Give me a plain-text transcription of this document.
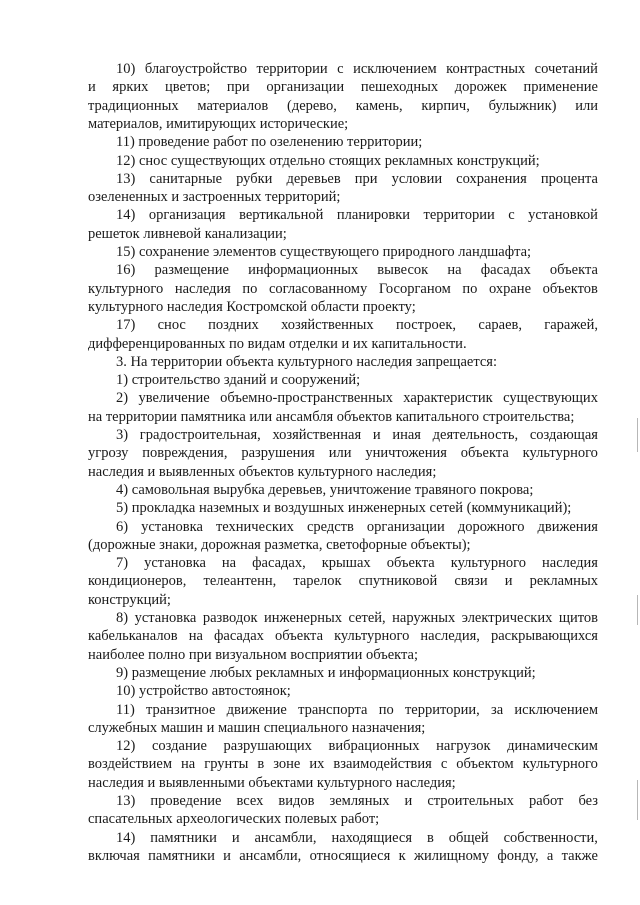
10) благоустройство территории с исключением контрастных сочетаний
и ярких цветов; при организации пешеходных дорожек применение
традиционных материалов (дерево, камень, кирпич, булыжник) или
материалов, имитирующих исторические;
11) проведение работ по озеленению территории;
12) снос существующих отдельно стоящих рекламных конструкций;
13) санитарные рубки деревьев при условии сохранения процента
озелененных и застроенных территорий;
14) организация вертикальной планировки территории с установкой
решеток ливневой канализации;
15) сохранение элементов существующего природного ландшафта;
16) размещение информационных вывесок на фасадах объекта
культурного наследия по согласованному Госорганом по охране объектов
культурного наследия Костромской области проекту;
17) снос поздних хозяйственных построек, сараев, гаражей,
дифференцированных по видам отделки и их капитальности.
3. На территории объекта культурного наследия запрещается:
1) строительство зданий и сооружений;
2) увеличение объемно-пространственных характеристик существующих
на территории памятника или ансамбля объектов капитального строительства;
3) градостроительная, хозяйственная и иная деятельность, создающая
угрозу повреждения, разрушения или уничтожения объекта культурного
наследия и выявленных объектов культурного наследия;
4) самовольная вырубка деревьев, уничтожение травяного покрова;
5) прокладка наземных и воздушных инженерных сетей (коммуникаций);
6) установка технических средств организации дорожного движения
(дорожные знаки, дорожная разметка, светофорные объекты);
7) установка на фасадах, крышах объекта культурного наследия
кондиционеров, телеантенн, тарелок спутниковой связи и рекламных
конструкций;
8) установка разводок инженерных сетей, наружных электрических щитов
кабельканалов на фасадах объекта культурного наследия, раскрывающихся
наиболее полно при визуальном восприятии объекта;
9) размещение любых рекламных и информационных конструкций;
10) устройство автостоянок;
11) транзитное движение транспорта по территории, за исключением
служебных машин и машин специального назначения;
12) создание разрушающих вибрационных нагрузок динамическим
воздействием на грунты в зоне их взаимодействия с объектом культурного
наследия и выявленными объектами культурного наследия;
13) проведение всех видов земляных и строительных работ без
спасательных археологических полевых работ;
14) памятники и ансамбли, находящиеся в общей собственности,
включая памятники и ансамбли, относящиеся к жилищному фонду, а также
